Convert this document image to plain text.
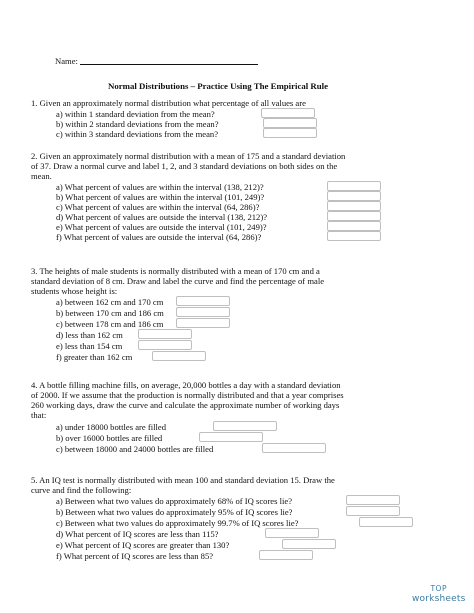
Name:
Normal Distributions – Practice Using The Empirical Rule
1. Given an approximately normal distribution what percentage of all values are
a) within 1 standard deviation from the mean?
b) within 2 standard deviations from the mean?
c) within 3 standard deviations from the mean?
2. Given an approximately normal distribution with a mean of 175 and a standard deviation
of 37. Draw a normal curve and label 1, 2, and 3 standard deviations on both sides on the
mean.
a) What percent of values are within the interval (138, 212)?
b) What percent of values are within the interval (101, 249)?
c) What percent of values are within the interval (64, 286)?
d) What percent of values are outside the interval (138, 212)?
e) What percent of values are outside the interval (101, 249)?
f) What percent of values are outside the interval (64, 286)?
3. The heights of male students is normally distributed with a mean of 170 cm and a
standard deviation of 8 cm. Draw and label the curve and find the percentage of male
students whose height is:
a) between 162 cm and 170 cm
b) between 170 cm and 186 cm
c) between 178 cm and 186 cm
d) less than 162 cm
e) less than 154 cm
f) greater than 162 cm
4. A bottle filling machine fills, on average, 20,000 bottles a day with a standard deviation
of 2000. If we assume that the production is normally distributed and that a year comprises
260 working days, draw the curve and calculate the approximate number of working days
that:
a) under 18000 bottles are filled
b) over 16000 bottles are filled
c) between 18000 and 24000 bottles are filled
5. An IQ test is normally distributed with mean 100 and standard deviation 15. Draw the
curve and find the following:
a) Between what two values do approximately 68% of IQ scores lie?
b) Between what two values do approximately 95% of IQ scores lie?
c) Between what two values do approximately 99.7% of IQ scores lie?
d) What percent of IQ scores are less than 115?
e) What percent of IQ scores are greater than 130?
f) What percent of IQ scores are less than 85?
TOP
worksheets
